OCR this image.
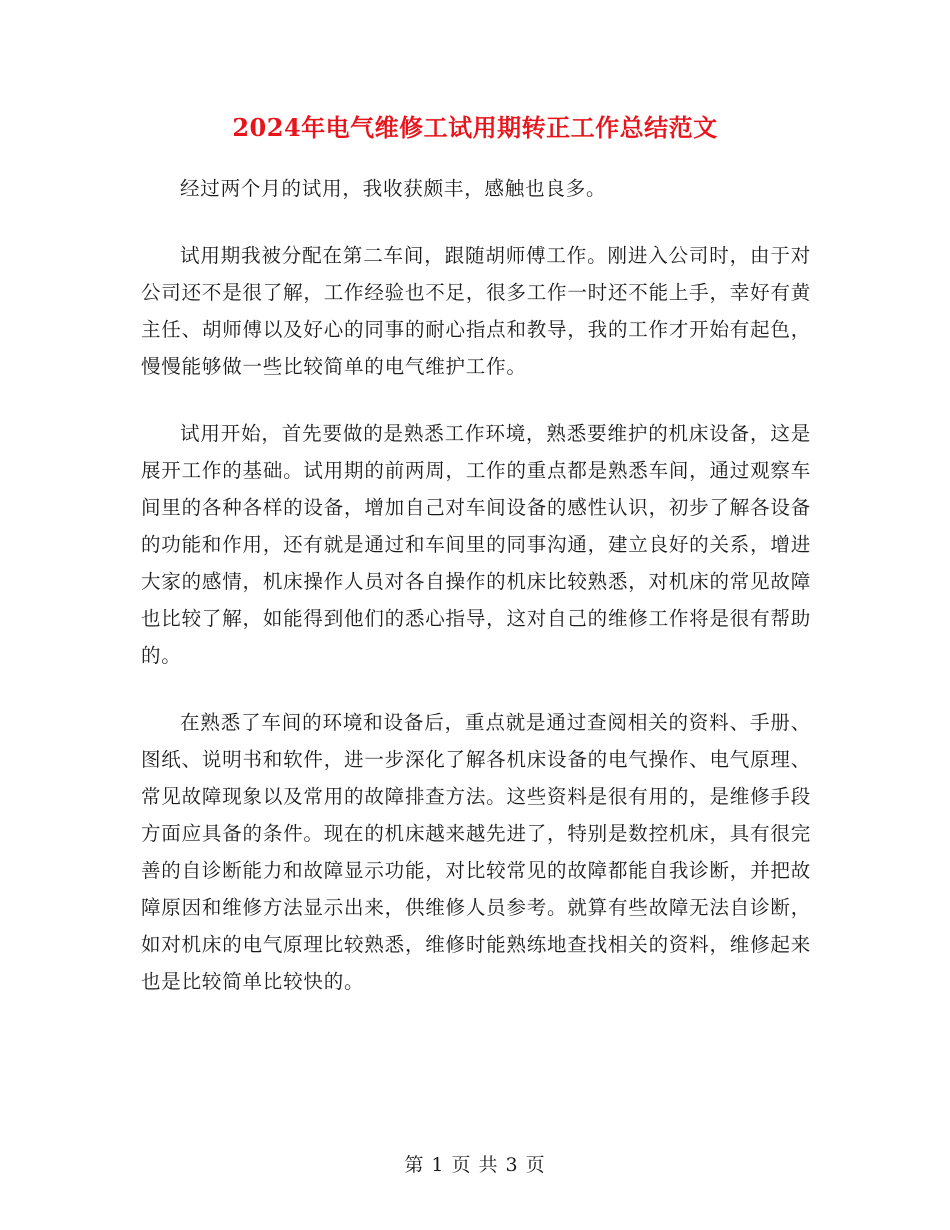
2024年电气维修工试用期转正工作总结范文

经过两个月的试用，我收获颇丰，感触也良多。

试用期我被分配在第二车间，跟随胡师傅工作。刚进入公司时，由于对公司还不是很了解，工作经验也不足，很多工作一时还不能上手，幸好有黄主任、胡师傅以及好心的同事的耐心指点和教导，我的工作才开始有起色，慢慢能够做一些比较简单的电气维护工作。

试用开始，首先要做的是熟悉工作环境，熟悉要维护的机床设备，这是展开工作的基础。试用期的前两周，工作的重点都是熟悉车间，通过观察车间里的各种各样的设备，增加自己对车间设备的感性认识，初步了解各设备的功能和作用，还有就是通过和车间里的同事沟通，建立良好的关系，增进大家的感情，机床操作人员对各自操作的机床比较熟悉，对机床的常见故障也比较了解，如能得到他们的悉心指导，这对自己的维修工作将是很有帮助的。

在熟悉了车间的环境和设备后，重点就是通过查阅相关的资料、手册、图纸、说明书和软件，进一步深化了解各机床设备的电气操作、电气原理、常见故障现象以及常用的故障排查方法。这些资料是很有用的，是维修手段方面应具备的条件。现在的机床越来越先进了，特别是数控机床，具有很完善的自诊断能力和故障显示功能，对比较常见的故障都能自我诊断，并把故障原因和维修方法显示出来，供维修人员参考。就算有些故障无法自诊断，如对机床的电气原理比较熟悉，维修时能熟练地查找相关的资料，维修起来也是比较简单比较快的。

第 1 页 共 3 页
